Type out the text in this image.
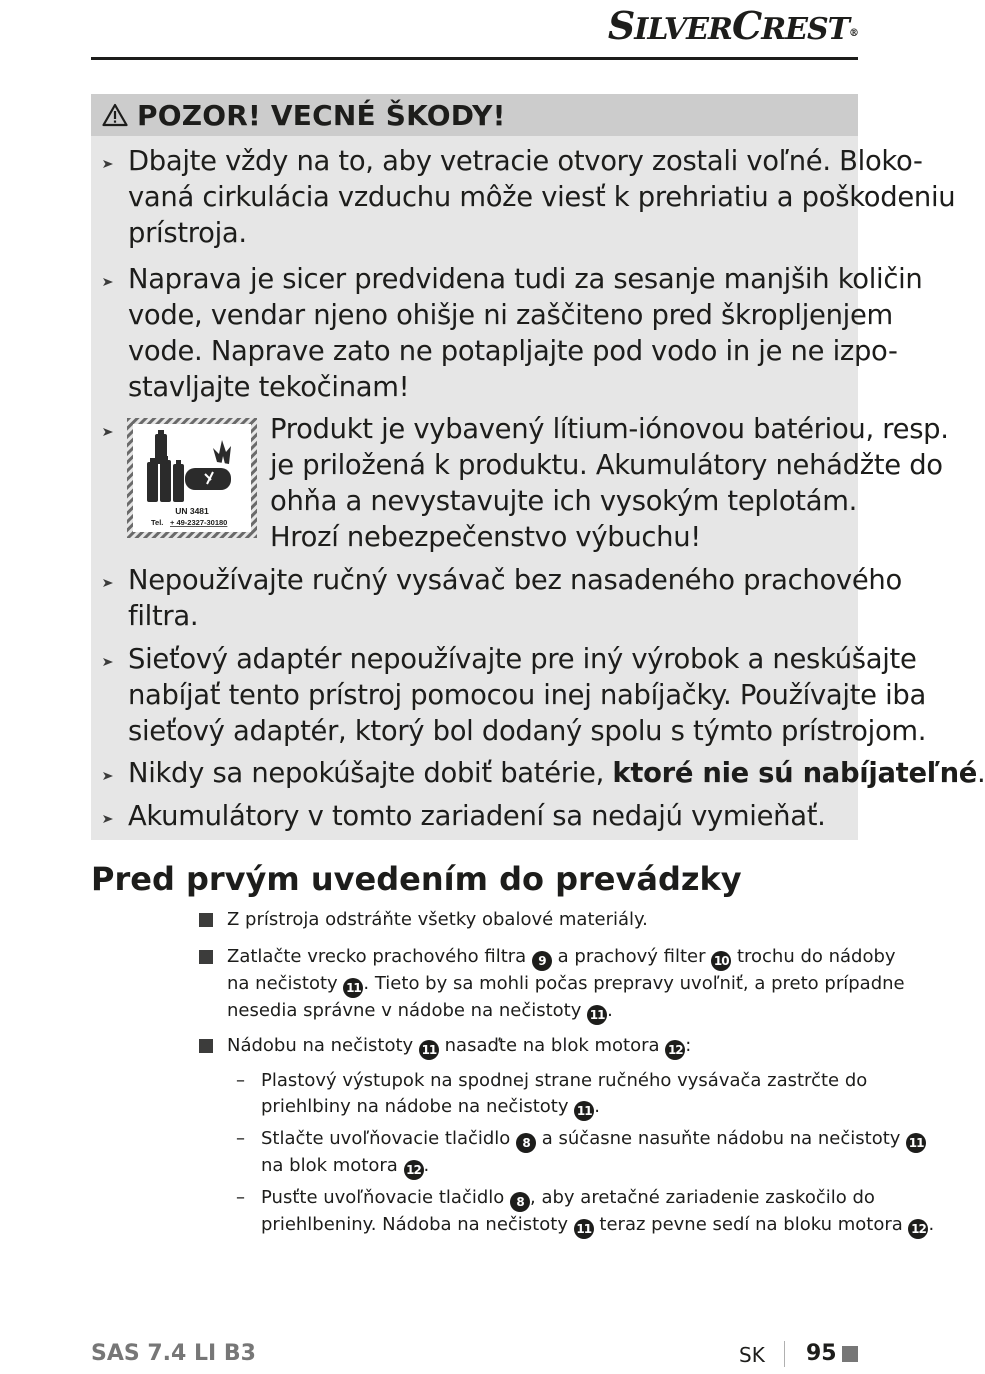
SILVERCREST®
POZOR! VECNÉ ŠKODY!

Dbajte vždy na to, aby vetracie otvory zostali voľné. Bloko-
vaná cirkulácia vzduchu môže viesť k prehriatiu a poškodeniu
prístroja.

Naprava je sicer predvidena tudi za sesanje manjših količin
vode, vendar njeno ohišje ni zaščiteno pred škropljenjem
vode. Naprave zato ne potapljajte pod vodo in je ne izpo-
stavljajte tekočinam!

UN 3481
Tel. + 49-2327-30180

Produkt je vybavený lítium-iónovou batériou, resp.
je priložená k produktu. Akumulátory nehádžte do
ohňa a nevystavujte ich vysokým teplotám.
Hrozí nebezpečenstvo výbuchu!

Nepoužívajte ručný vysávač bez nasadeného prachového
filtra.

Sieťový adaptér nepoužívajte pre iný výrobok a neskúšajte
nabíjať tento prístroj pomocou inej nabíjačky. Používajte iba
sieťový adaptér, ktorý bol dodaný spolu s týmto prístrojom.

Nikdy sa nepokúšajte dobiť batérie, ktoré nie sú nabíjateľné.

Akumulátory v tomto zariadení sa nedajú vymieňať.

Pred prvým uvedením do prevádzky
Z prístroja odstráňte všetky obalové materiály.
Zatlačte vrecko prachového filtra 9 a prachový filter 10 trochu do nádoby
na nečistoty 11 . Tieto by sa mohli počas prepravy uvoľniť, a preto prípadne
nesedia správne v nádobe na nečistoty 11 .
Nádobu na nečistoty 11 nasaďte na blok motora 12 :
– Plastový výstupok na spodnej strane ručného vysávača zastrčte do
priehlbiny na nádobe na nečistoty 11 .
– Stlačte uvoľňovacie tlačidlo 8 a súčasne nasuňte nádobu na nečistoty 11
na blok motora 12 .
– Pusťte uvoľňovacie tlačidlo 8 , aby aretačné zariadenie zaskočilo do
priehlbeniny. Nádoba na nečistoty 11 teraz pevne sedí na bloku motora 12 .
SAS 7.4 LI B3	SK 95
